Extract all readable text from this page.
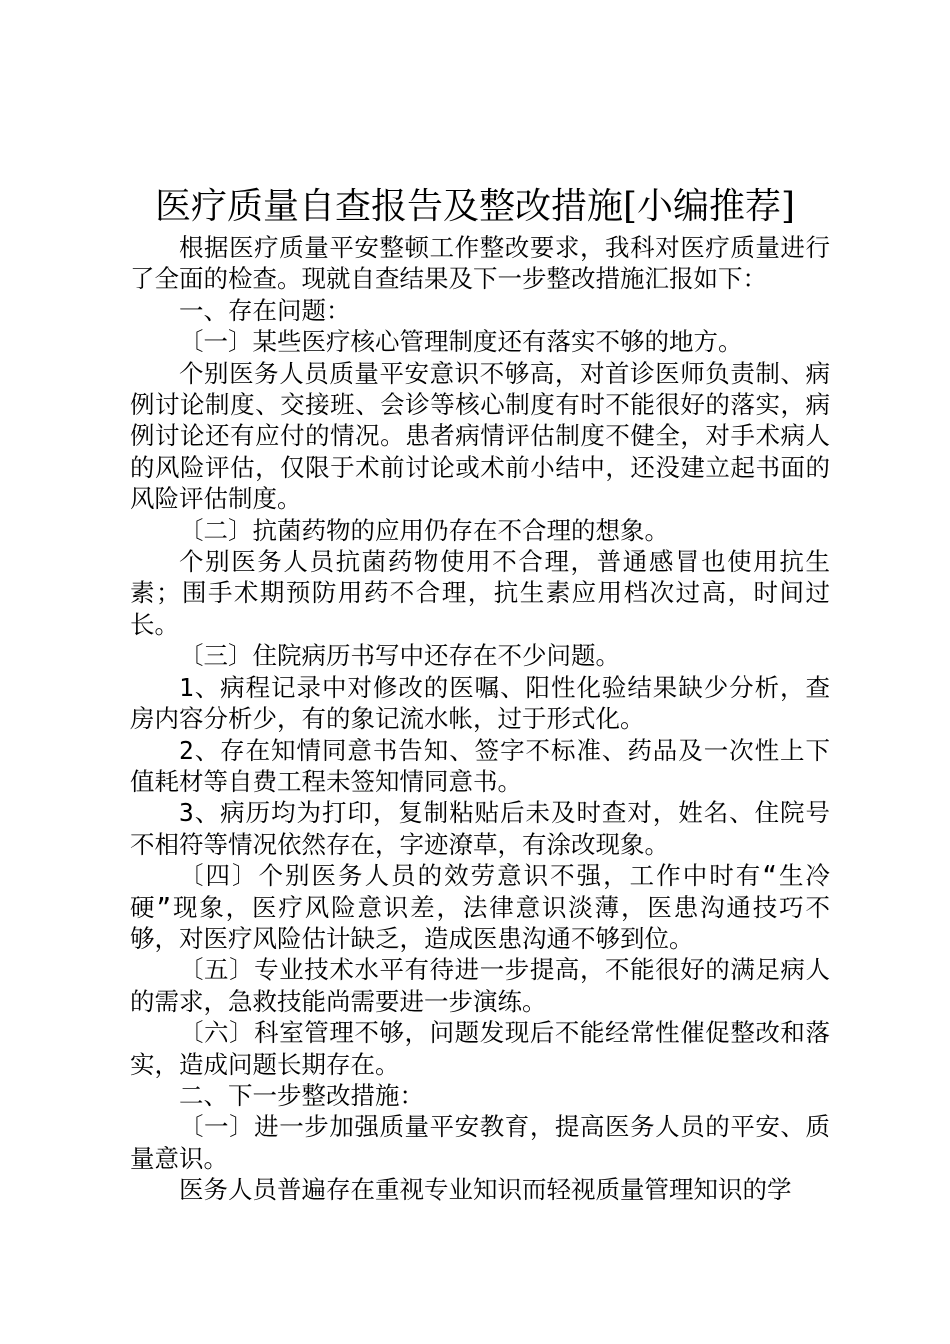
医疗质量自查报告及整改措施[小编推荐]

根据医疗质量平安整顿工作整改要求，我科对医疗质量进行了全面的检查。现就自查结果及下一步整改措施汇报如下：

一、存在问题：

〔一〕某些医疗核心管理制度还有落实不够的地方。

个别医务人员质量平安意识不够高，对首诊医师负责制、病例讨论制度、交接班、会诊等核心制度有时不能很好的落实，病例讨论还有应付的情况。患者病情评估制度不健全，对手术病人的风险评估，仅限于术前讨论或术前小结中，还没建立起书面的风险评估制度。

〔二〕抗菌药物的应用仍存在不合理的想象。

个别医务人员抗菌药物使用不合理，普通感冒也使用抗生素；围手术期预防用药不合理，抗生素应用档次过高，时间过长。

〔三〕住院病历书写中还存在不少问题。

1、病程记录中对修改的医嘱、阳性化验结果缺少分析，查房内容分析少，有的象记流水帐，过于形式化。

2、存在知情同意书告知、签字不标准、药品及一次性上下值耗材等自费工程未签知情同意书。

3、病历均为打印，复制粘贴后未及时查对，姓名、住院号不相符等情况依然存在，字迹潦草，有涂改现象。

〔四〕个别医务人员的效劳意识不强，工作中时有“生冷硬”现象，医疗风险意识差，法律意识淡薄，医患沟通技巧不够，对医疗风险估计缺乏，造成医患沟通不够到位。

〔五〕专业技术水平有待进一步提高，不能很好的满足病人的需求，急救技能尚需要进一步演练。

〔六〕科室管理不够，问题发现后不能经常性催促整改和落实，造成问题长期存在。

二、下一步整改措施：

〔一〕进一步加强质量平安教育，提高医务人员的平安、质量意识。

医务人员普遍存在重视专业知识而轻视质量管理知识的学
